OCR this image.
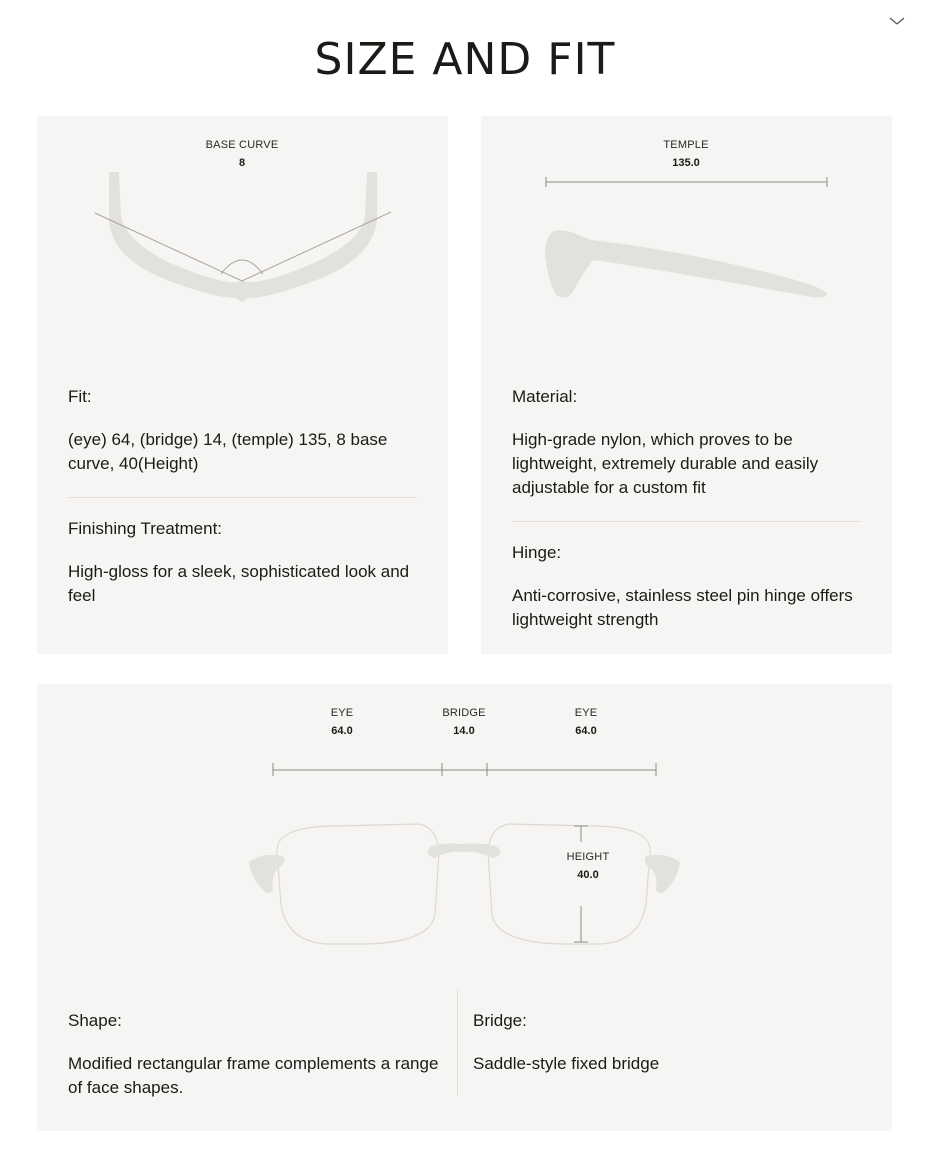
SIZE AND FIT
BASE CURVE
8

Fit:

(eye) 64, (bridge) 14, (temple) 135, 8 base curve, 40(Height)

Finishing Treatment:

High-gloss for a sleek, sophisticated look and feel

TEMPLE
135.0

Material:

High-grade nylon, which proves to be lightweight, extremely durable and easily adjustable for a custom fit

Hinge:

Anti-corrosive, stainless steel pin hinge offers lightweight strength

EYE
64.0
BRIDGE
14.0
EYE
64.0
HEIGHT
40.0

Shape:

Modified rectangular frame complements a range of face shapes.

Bridge:

Saddle-style fixed bridge
